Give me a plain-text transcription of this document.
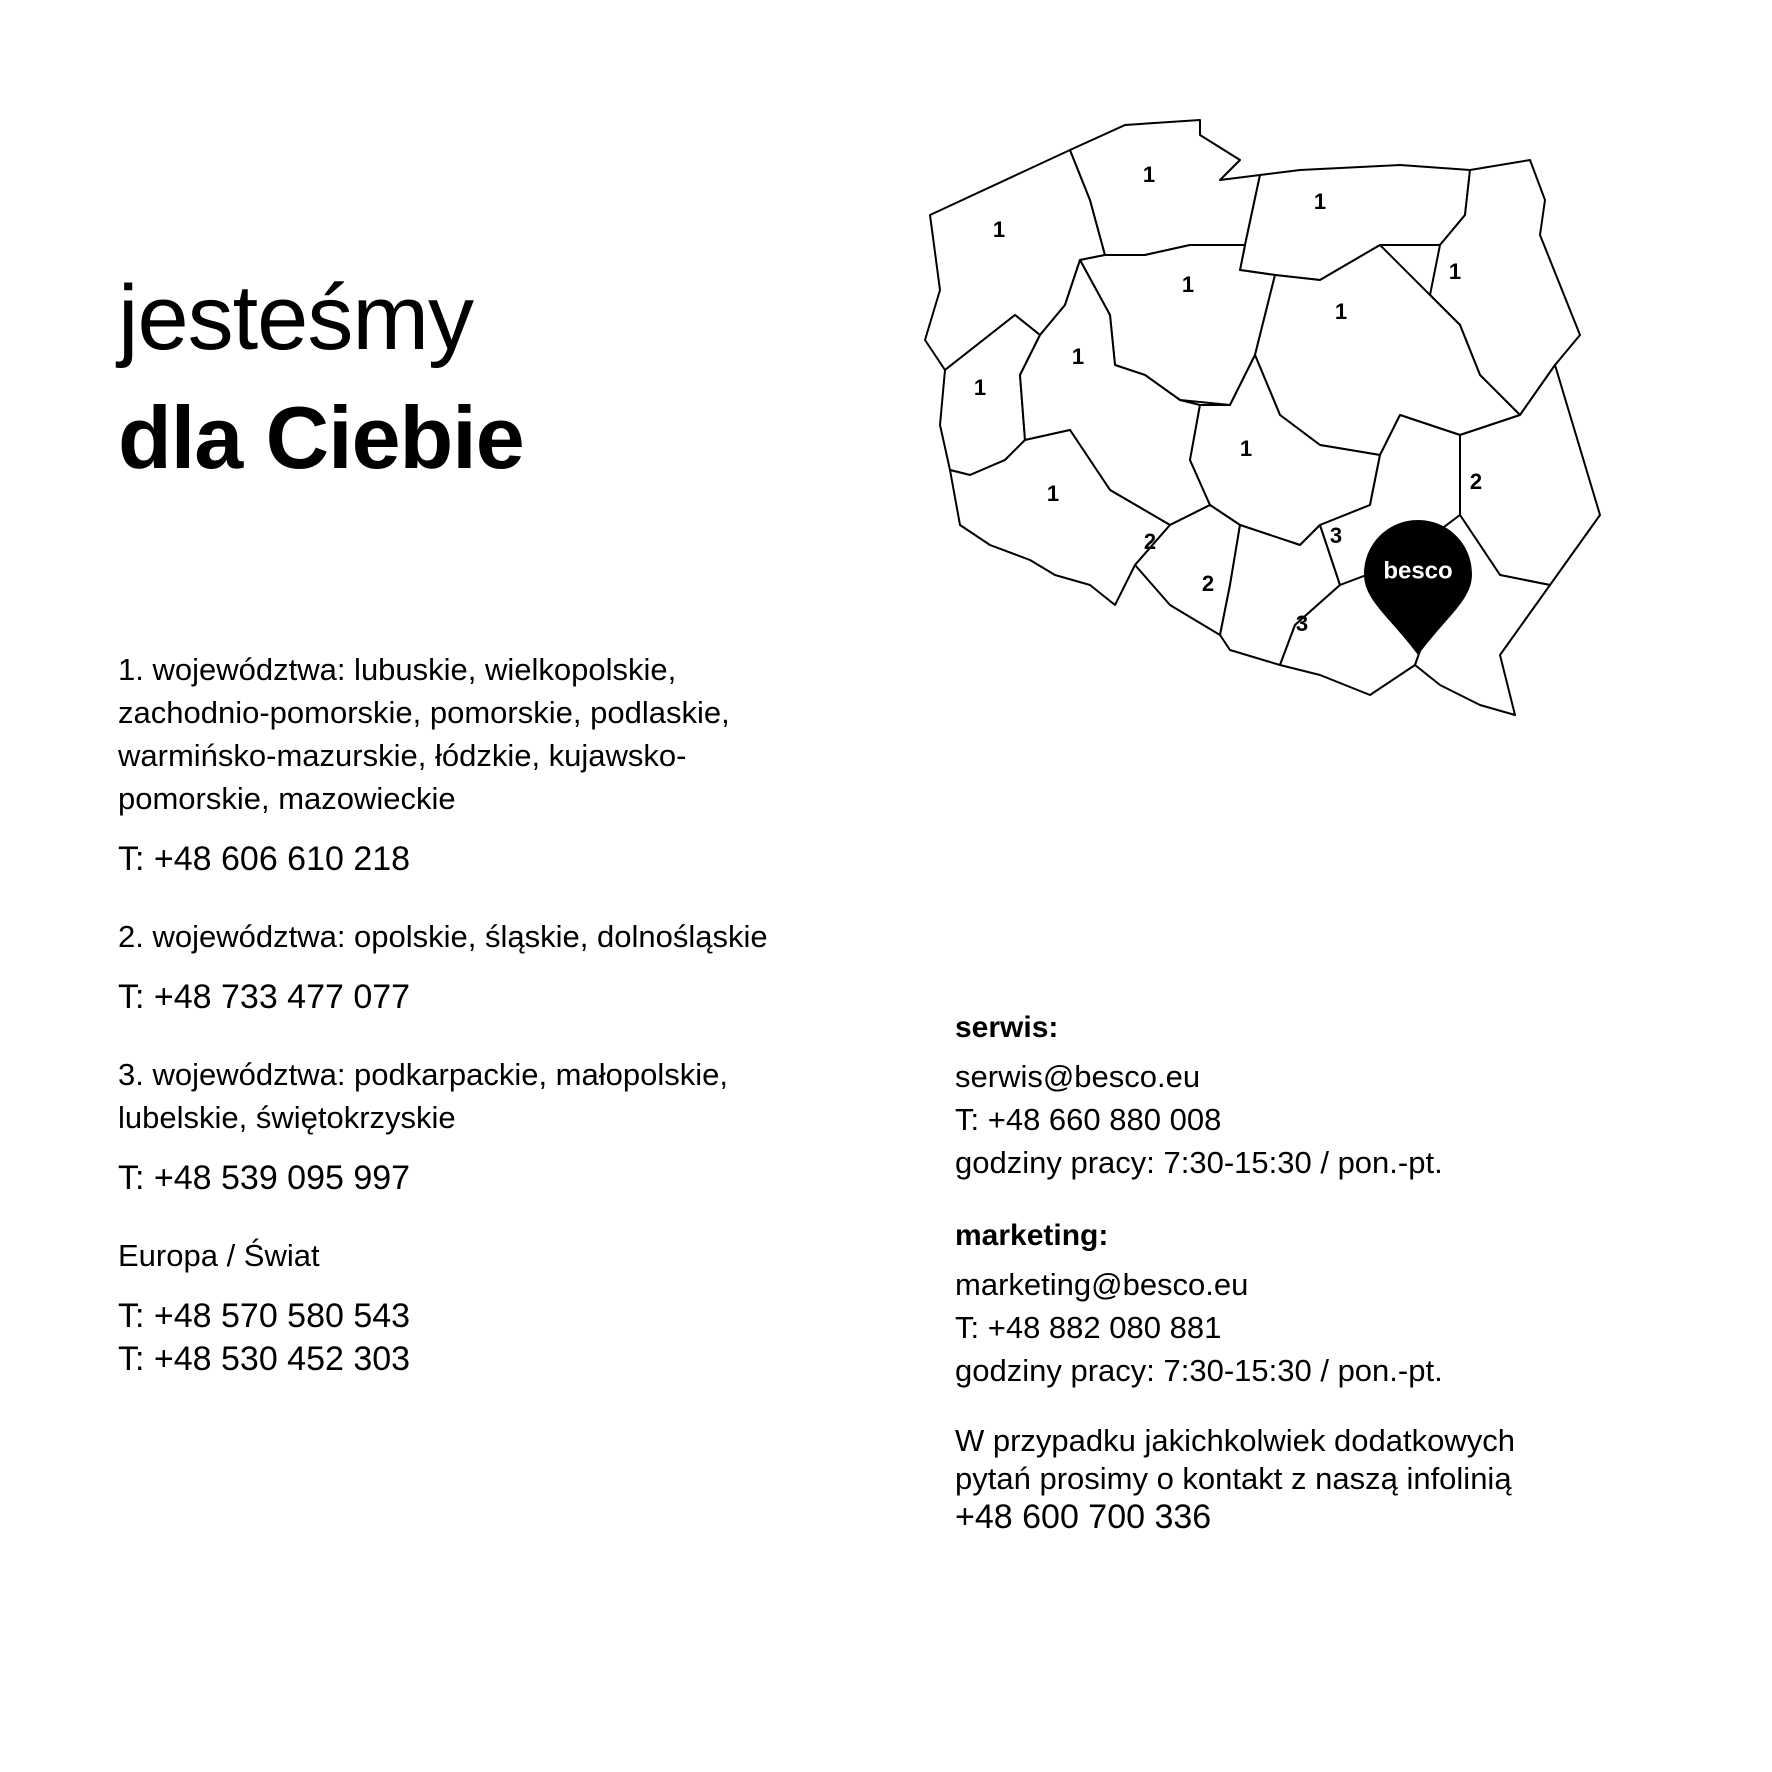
jesteśmy
dla Ciebie

1. województwa: lubuskie, wielkopolskie,

zachodnio-pomorskie, pomorskie, podlaskie,

warmińsko-mazurskie, łódzkie, kujawsko-

pomorskie, mazowieckie

T: +48 606 610 218

2. województwa: opolskie, śląskie, dolnośląskie

T: +48 733 477 077

3. województwa: podkarpackie, małopolskie,

lubelskie, świętokrzyskie

T: +48 539 095 997

Europa / Świat

T: +48 570 580 543

T: +48 530 452 303

serwis:

serwis@besco.eu

T: +48 660 880 008

godziny pracy: 7:30-15:30 / pon.-pt.

marketing:

marketing@besco.eu

T: +48 882 080 881

godziny pracy: 7:30-15:30 / pon.-pt.

W przypadku jakichkolwiek dodatkowych

pytań prosimy o kontakt z naszą infolinią

+48 600 700 336

1
1
1
1
1
1
1
1
1
1
2
2
2
3
3
besco
